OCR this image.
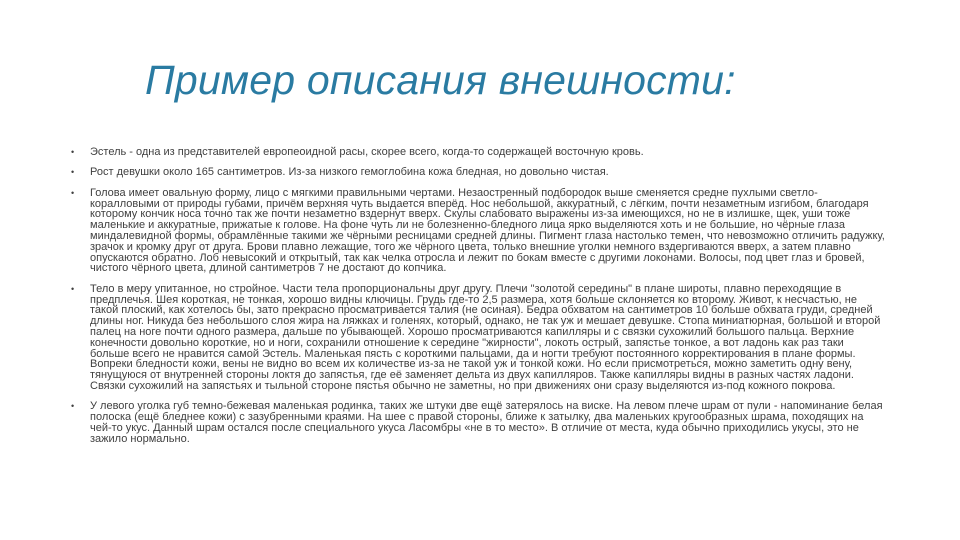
Пример описания внешности:
•	Эстель - одна из представителей европеоидной расы, скорее всего, когда-то содержащей восточную кровь.
•	Рост девушки около 165 сантиметров. Из-за низкого гемоглобина кожа бледная, но довольно чистая.
•	Голова имеет овальную форму, лицо с мягкими правильными чертами. Незаостренный подбородок выше сменяется средне пухлыми светло-коралловыми от природы губами, причём верхняя чуть выдается вперёд. Нос небольшой, аккуратный, с лёгким, почти незаметным изгибом, благодаря которому кончик носа точно так же почти незаметно вздернут вверх. Скулы слабовато выражены из-за имеющихся, но не в излишке, щек, уши тоже маленькие и аккуратные, прижатые к голове. На фоне чуть ли не болезненно-бледного лица ярко выделяются хоть и не большие, но чёрные глаза миндалевидной формы, обрамлённые такими же чёрными ресницами средней длины. Пигмент глаза настолько темен, что невозможно отличить радужку, зрачок и кромку друг от друга. Брови плавно лежащие, того же чёрного цвета, только внешние уголки немного вздергиваются вверх, а затем плавно опускаются обратно. Лоб невысокий и открытый, так как челка отросла и лежит по бокам вместе с другими локонами. Волосы, под цвет глаз и бровей, чистого чёрного цвета, длиной сантиметров 7 не достают до копчика.
•	Тело в меру упитанное, но стройное. Части тела пропорциональны друг другу. Плечи "золотой середины" в плане широты, плавно переходящие в предплечья. Шея короткая, не тонкая, хорошо видны ключицы. Грудь где-то 2,5 размера, хотя больше склоняется ко второму. Живот, к несчастью, не такой плоский, как хотелось бы, зато прекрасно просматривается талия (не осиная). Бедра обхватом на сантиметров 10 больше обхвата груди, средней длины ног. Никуда без небольшого слоя жира на ляжках и голенях, который, однако, не так уж и мешает девушке. Стопа миниатюрная, большой и второй палец на ноге почти одного размера, дальше по убывающей. Хорошо просматриваются капилляры и с связки сухожилий большого пальца. Верхние конечности довольно короткие, но и ноги, сохранили отношение к середине "жирности", локоть острый, запястье тонкое, а вот ладонь как раз таки больше всего не нравится самой Эстель. Маленькая пясть с короткими пальцами, да и ногти требуют постоянного корректирования в плане формы. Вопреки бледности кожи, вены не видно во всем их количестве из-за не такой уж и тонкой кожи. Но если присмотреться, можно заметить одну вену, тянущуюся от внутренней стороны локтя до запястья, где её заменяет дельта из двух капилляров. Также капилляры видны в разных частях ладони. Связки сухожилий на запястьях и тыльной стороне пястья обычно не заметны, но при движениях они сразу выделяются из-под кожного покрова.
•	У левого уголка губ темно-бежевая маленькая родинка, таких же штуки две ещё затерялось на виске. На левом плече шрам от пули - напоминание белая полоска (ещё бледнее кожи) с зазубренными краями. На шее с правой стороны, ближе к затылку, два маленьких кругообразных шрама, походящих на чей-то укус. Данный шрам остался после специального укуса Ласомбры «не в то место». В отличие от места, куда обычно приходились укусы, это не зажило нормально.
